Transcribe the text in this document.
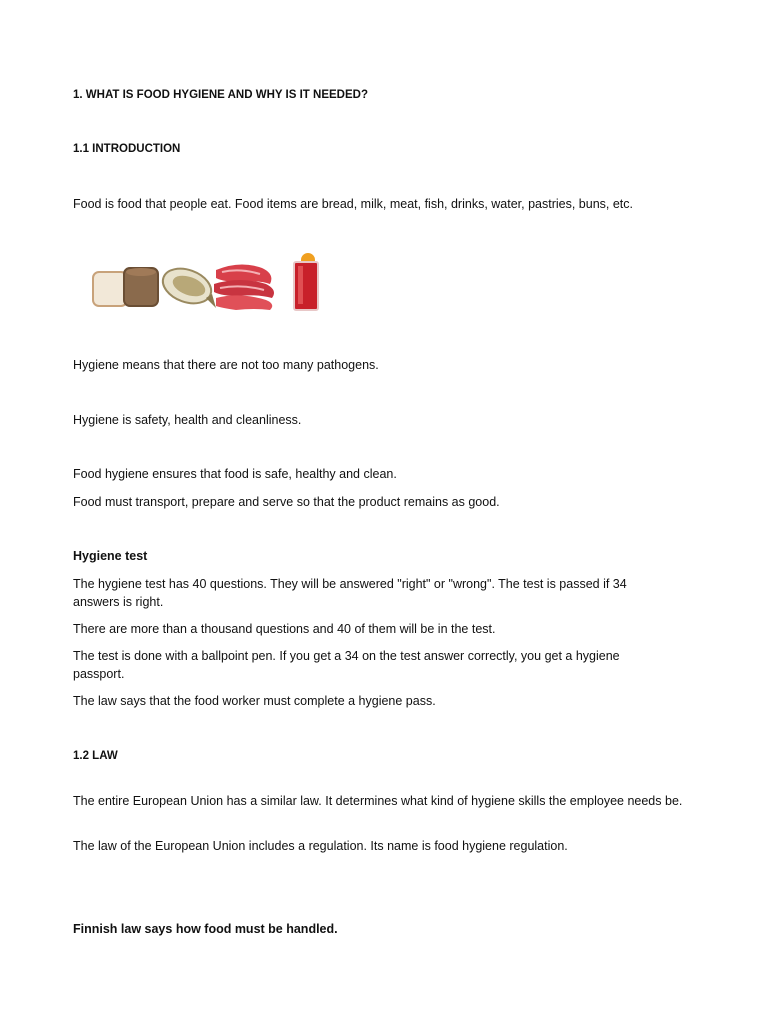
1. WHAT IS FOOD HYGIENE AND WHY IS IT NEEDED?

1.1 INTRODUCTION

Food is food that people eat. Food items are bread, milk, meat, fish, drinks, water, pastries, buns, etc.

Hygiene means that there are not too many pathogens.

Hygiene is safety, health and cleanliness.

Food hygiene ensures that food is safe, healthy and clean.

Food must transport, prepare and serve so that the product remains as good.

Hygiene test

The hygiene test has 40 questions. They will be answered "right" or "wrong". The test is passed if 34 answers is right.

There are more than a thousand questions and 40 of them will be in the test.

The test is done with a ballpoint pen. If you get a 34 on the test answer correctly, you get a hygiene passport.

The law says that the food worker must complete a hygiene pass.

1.2 LAW

The entire European Union has a similar law. It determines what kind of hygiene skills the employee needs be.

The law of the European Union includes a regulation. Its name is food hygiene regulation.

Finnish law says how food must be handled.
